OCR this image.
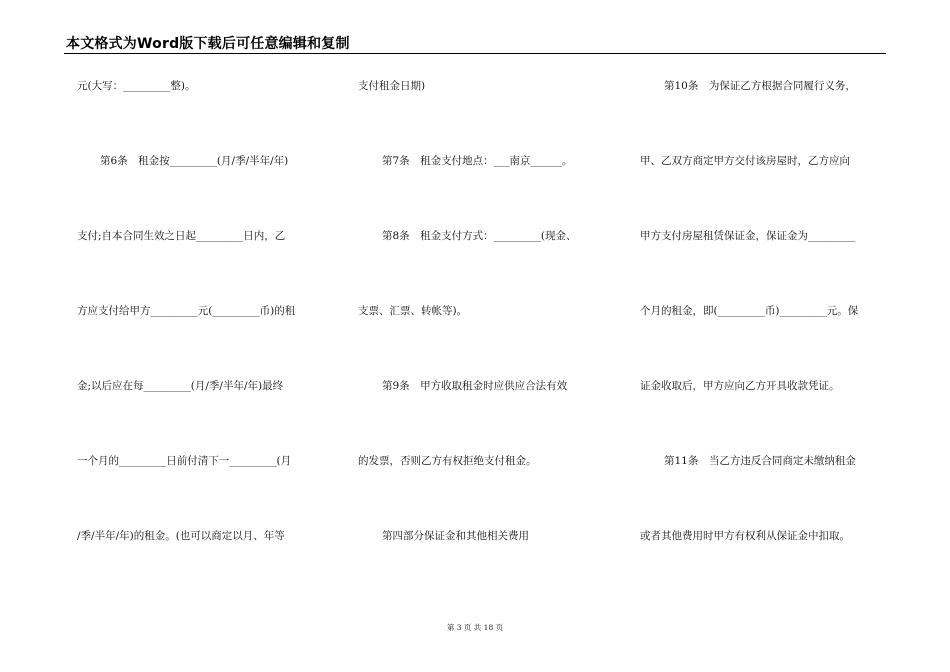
本文格式为Word版下载后可任意编辑和复制
元(大写：_________整)。
第6条　租金按_________(月/季/半年/年)
支付;自本合同生效之日起_________日内，乙
方应支付给甲方_________元(_________币)的租
金;以后应在每_________(月/季/半年/年)最终
一个月的_________日前付清下一_________(月
/季/半年/年)的租金。(也可以商定以月、年等
支付租金日期)
第7条　租金支付地点：___南京______。
第8条　租金支付方式：_________(现金、
支票、汇票、转帐等)。
第9条　甲方收取租金时应供应合法有效
的发票，否则乙方有权拒绝支付租金。
第四部分保证金和其他相关费用
第10条　为保证乙方根据合同履行义务，
甲、乙双方商定甲方交付该房屋时，乙方应向
甲方支付房屋租赁保证金，保证金为_________
个月的租金，即(_________币)_________元。保
证金收取后，甲方应向乙方开具收款凭证。
第11条　当乙方违反合同商定未缴纳租金
或者其他费用时甲方有权利从保证金中扣取。
第 3 页 共 18 页
